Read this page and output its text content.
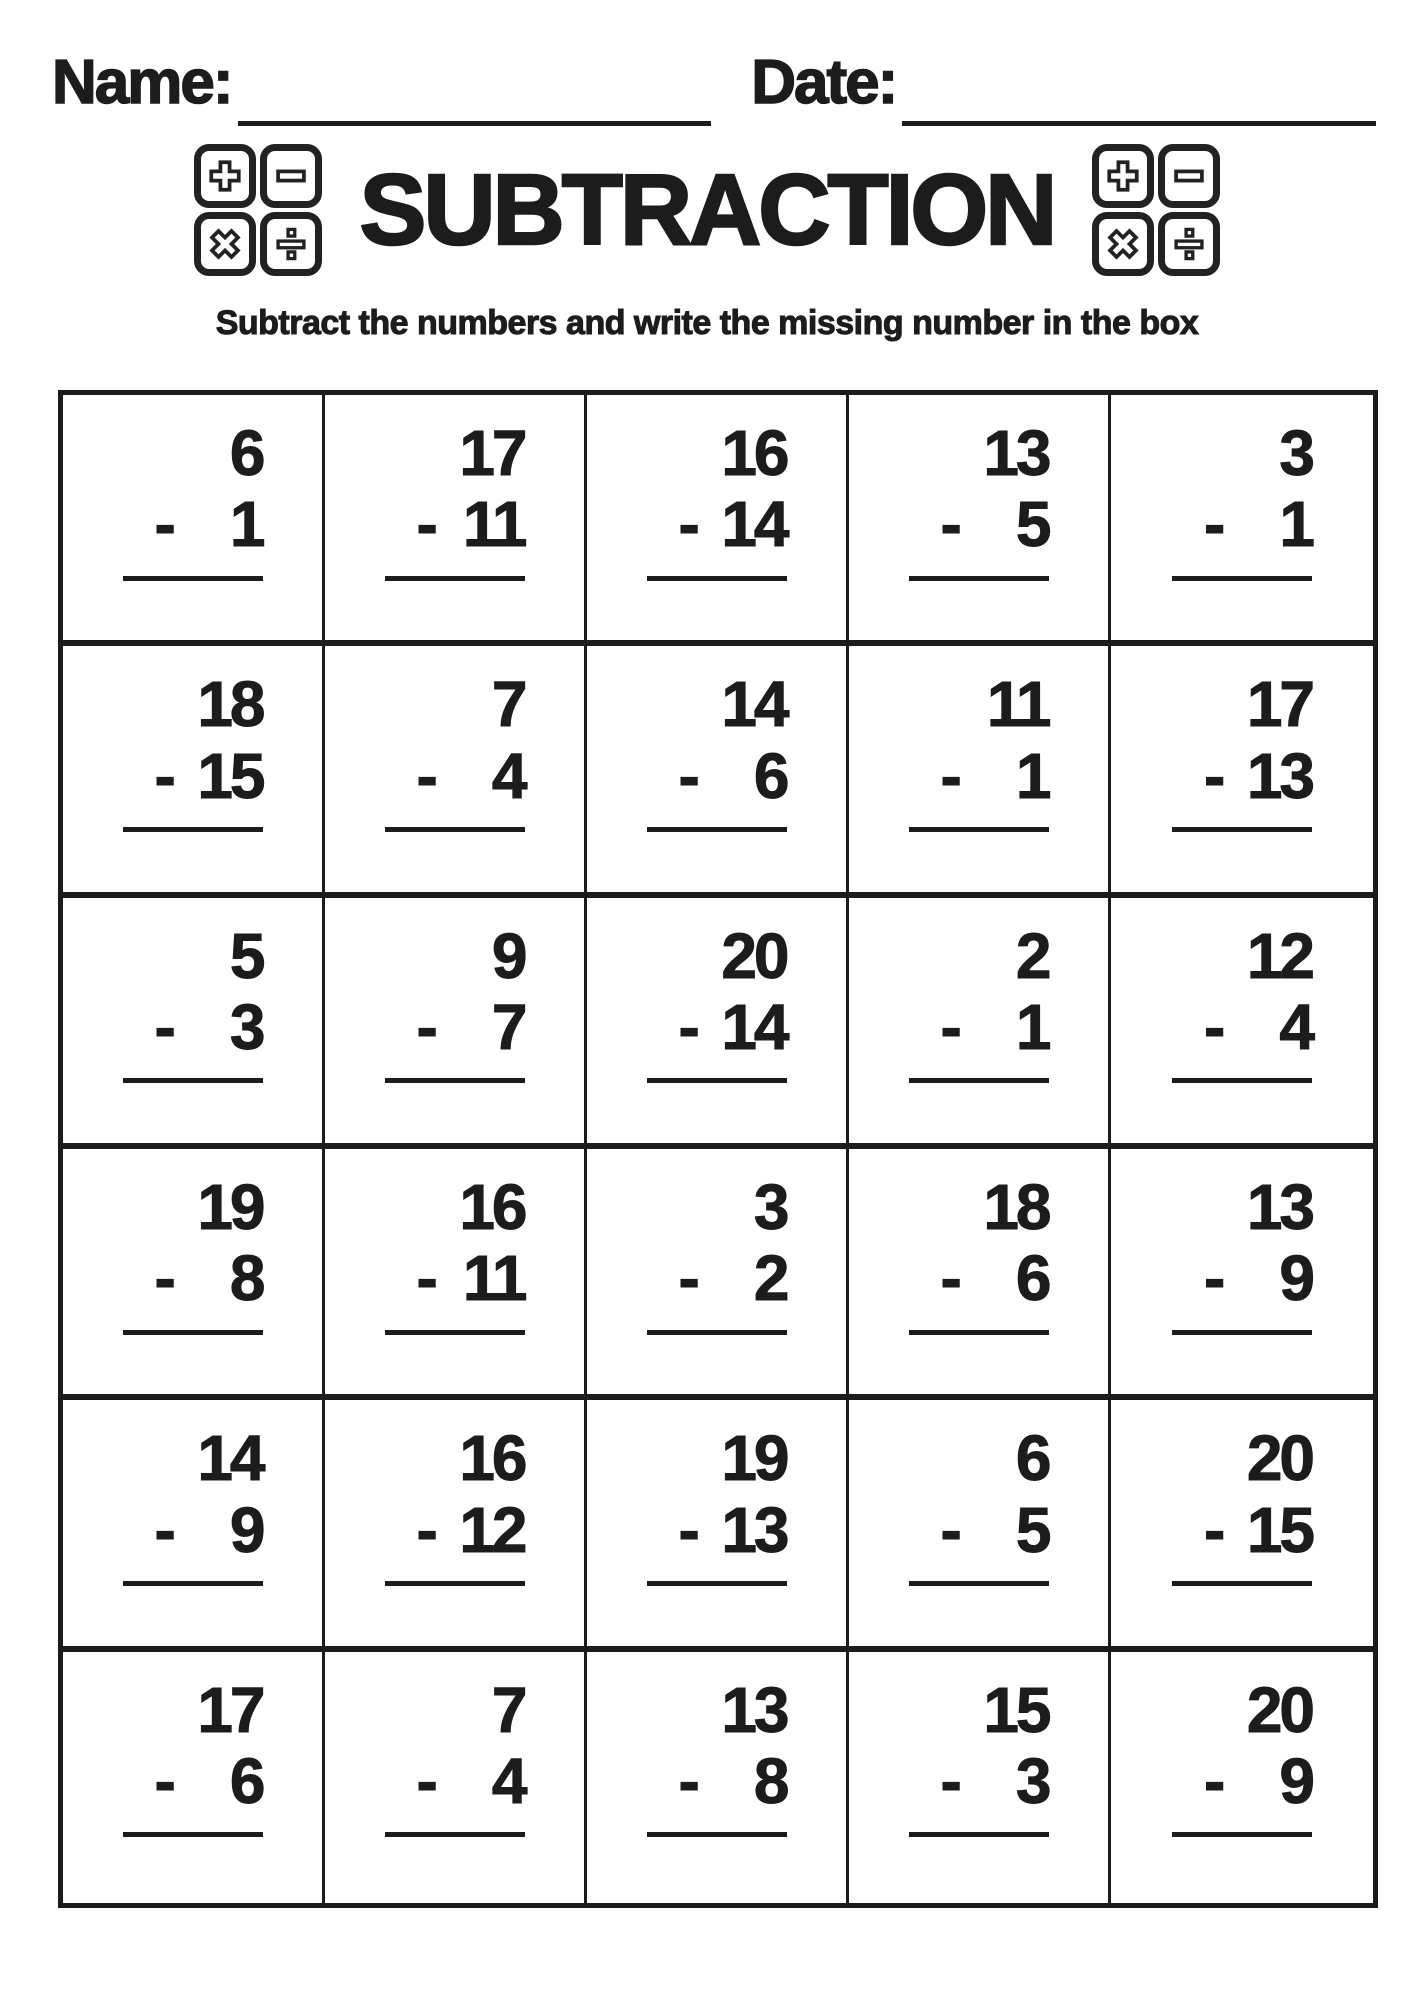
Name:	Date:
SUBTRACTION
Subtract the numbers and write the missing number in the box
6
- 1
17
- 11
16
- 14
13
- 5
3
- 1
18
- 15
7
- 4
14
- 6
11
- 1
17
- 13
5
- 3
9
- 7
20
- 14
2
- 1
12
- 4
19
- 8
16
- 11
3
- 2
18
- 6
13
- 9
14
- 9
16
- 12
19
- 13
6
- 5
20
- 15
17
- 6
7
- 4
13
- 8
15
- 3
20
- 9
